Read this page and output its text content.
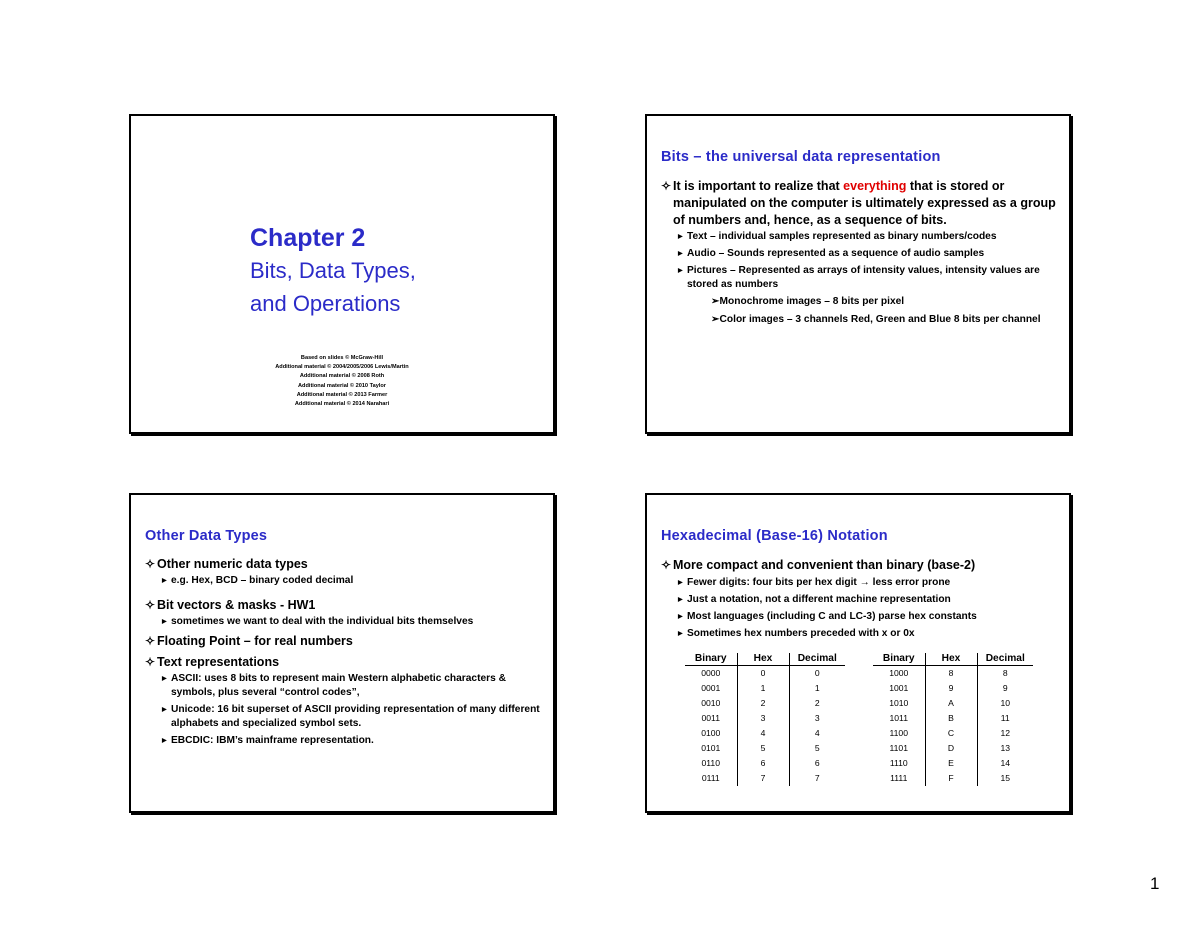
Chapter 2
Bits, Data Types,
and Operations
Based on slides © McGraw-Hill
Additional material © 2004/2005/2006 Lewis/Martin
Additional material © 2008 Roth
Additional material © 2010 Taylor
Additional material © 2013 Farmer
Additional material © 2014 Narahari
Bits – the universal data representation
✧ It is important to realize that everything that is stored or manipulated on the computer is ultimately expressed as a group of numbers and, hence, as a sequence of bits.
▶ Text – individual samples represented as binary numbers/codes
▶ Audio – Sounds represented as a sequence of audio samples
▶ Pictures – Represented as arrays of intensity values, intensity values are stored as numbers
➢Monochrome images – 8 bits per pixel
➢Color images – 3 channels Red, Green and Blue 8 bits per channel
Other Data Types
✧ Other numeric data types
▶ e.g. Hex, BCD – binary coded decimal
✧ Bit vectors & masks - HW1
▶ sometimes we want to deal with the individual bits themselves
✧ Floating Point – for real numbers
✧ Text representations
▶ ASCII: uses 8 bits to represent main Western alphabetic characters & symbols, plus several “control codes”,
▶ Unicode: 16 bit superset of ASCII providing representation of many different alphabets and specialized symbol sets.
▶ EBCDIC: IBM’s mainframe representation.
Hexadecimal (Base-16) Notation
✧ More compact and convenient than binary (base-2)
▶ Fewer digits: four bits per hex digit → less error prone
▶ Just a notation, not a different machine representation
▶ Most languages (including C and LC-3) parse hex constants
▶ Sometimes hex numbers preceded with x or 0x
Binary	Hex	Decimal
0000	0	0
0001	1	1
0010	2	2
0011	3	3
0100	4	4
0101	5	5
0110	6	6
0111	7	7
Binary	Hex	Decimal
1000	8	8
1001	9	9
1010	A	10
1011	B	11
1100	C	12
1101	D	13
1110	E	14
1111	F	15
1
